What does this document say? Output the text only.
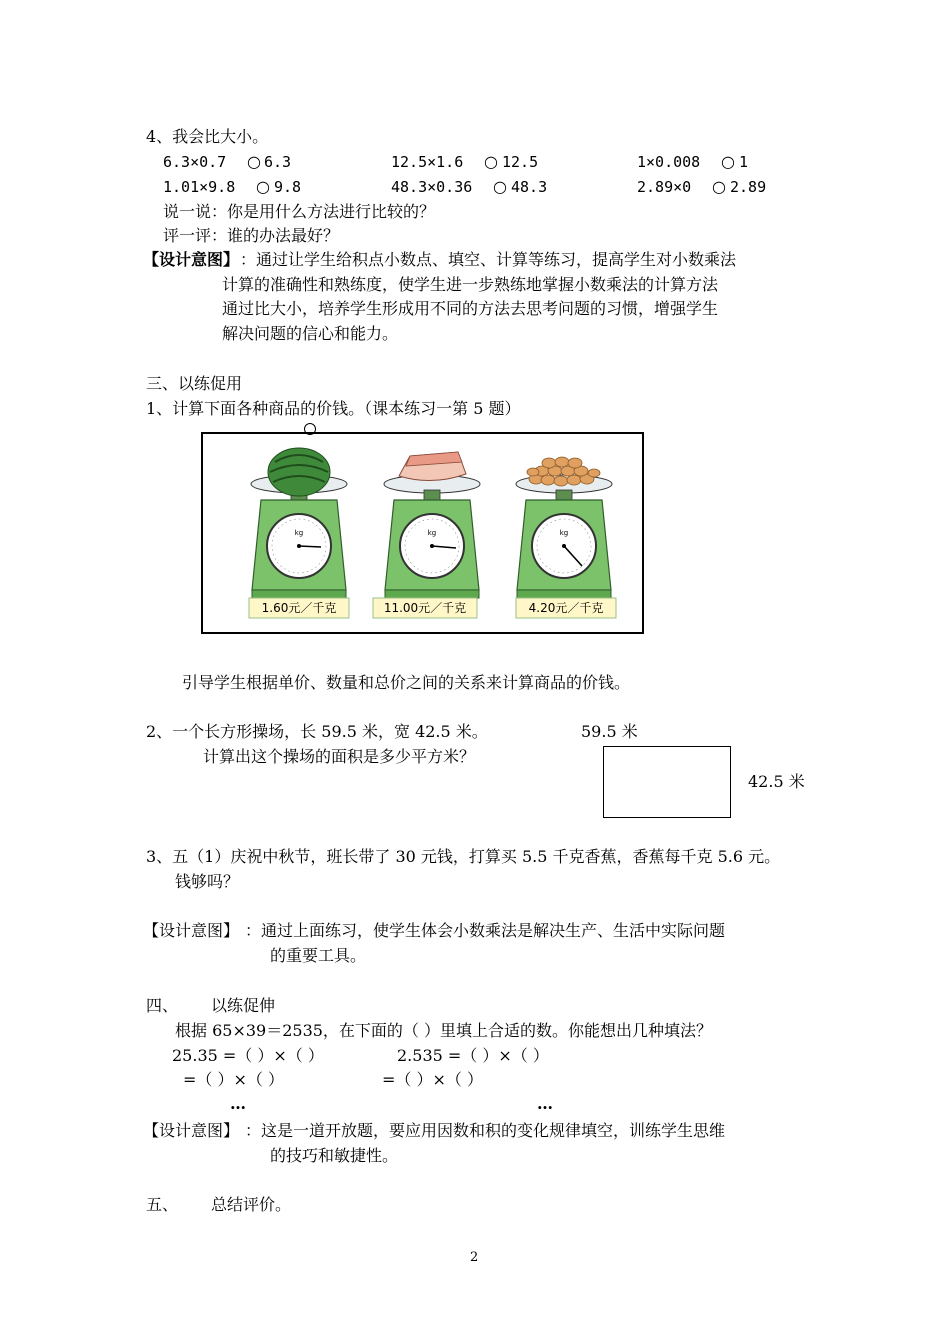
4、我会比大小。
6.3×0.7 ○ 6.3	12.5×1.6 ○ 12.5	1×0.008 ○ 1
1.01×9.8 ○ 9.8	48.3×0.36 ○ 48.3	2.89×0 ○ 2.89
说一说：你是用什么方法进行比较的？
评一评：谁的办法最好？
【设计意图】 ：通过让学生给积点小数点、填空、计算等练习，提高学生对小数乘法
计算的准确性和熟练度，使学生进一步熟练地掌握小数乘法的计算方法
通过比大小，培养学生形成用不同的方法去思考问题的习惯，增强学生
解决问题的信心和能力。
三、以练促用
1、计算下面各种商品的价钱。（课本练习一第 5 题）
kg
1.60元／千克	11.00元／千克	4.20元／千克
引导学生根据单价、数量和总价之间的关系来计算商品的价钱。
2、一个长方形操场，长 59.5 米，宽 42.5 米。
计算出这个操场的面积是多少平方米？
59.5 米
42.5 米
3、五（1）庆祝中秋节，班长带了 30 元钱，打算买 5.5 千克香蕉，香蕉每千克 5.6 元。
钱够吗？
【设计意图】 ：通过上面练习，使学生体会小数乘法是解决生产、生活中实际问题
的重要工具。
四、 以练促伸
根据 65×39＝2535，在下面的（ ）里填上合适的数。你能想出几种填法？
25.35 =（ ）×（ ）	2.535 =（ ）×（ ）
=（ ）×（ ）	=（ ）×（ ）
…	…
【设计意图】 ：这是一道开放题，要应用因数和积的变化规律填空，训练学生思维
的技巧和敏捷性。
五、 总结评价。
2
